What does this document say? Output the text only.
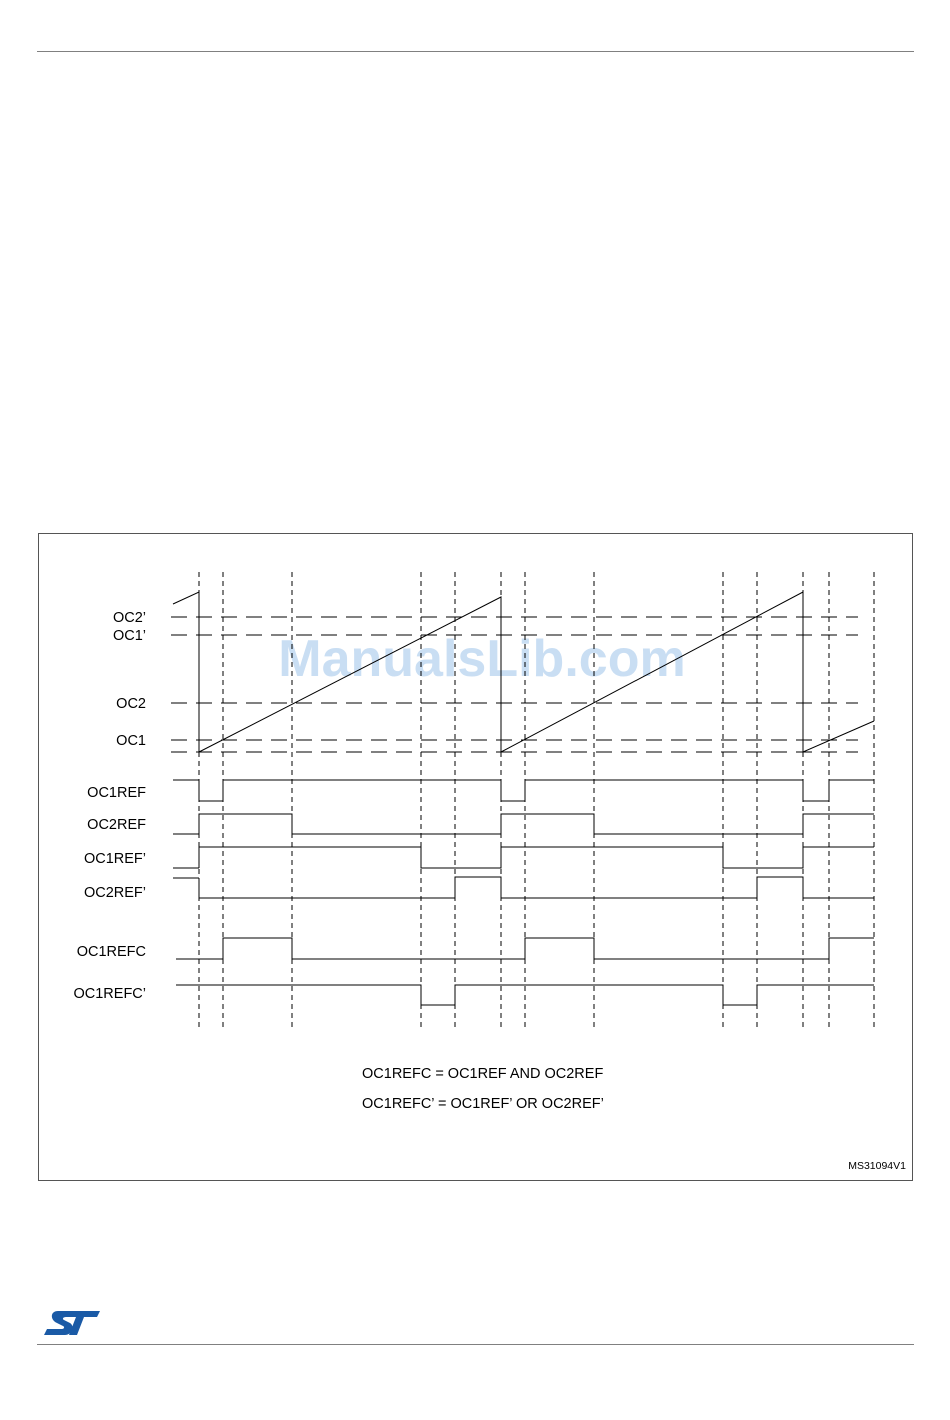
ManualsLib.com
OC2’
OC1’
OC2
OC1
OC1REF
OC2REF
OC1REF’
OC2REF’
OC1REFC
OC1REFC’
OC1REFC = OC1REF AND OC2REF
OC1REFC’ = OC1REF’ OR OC2REF’
MS31094V1
